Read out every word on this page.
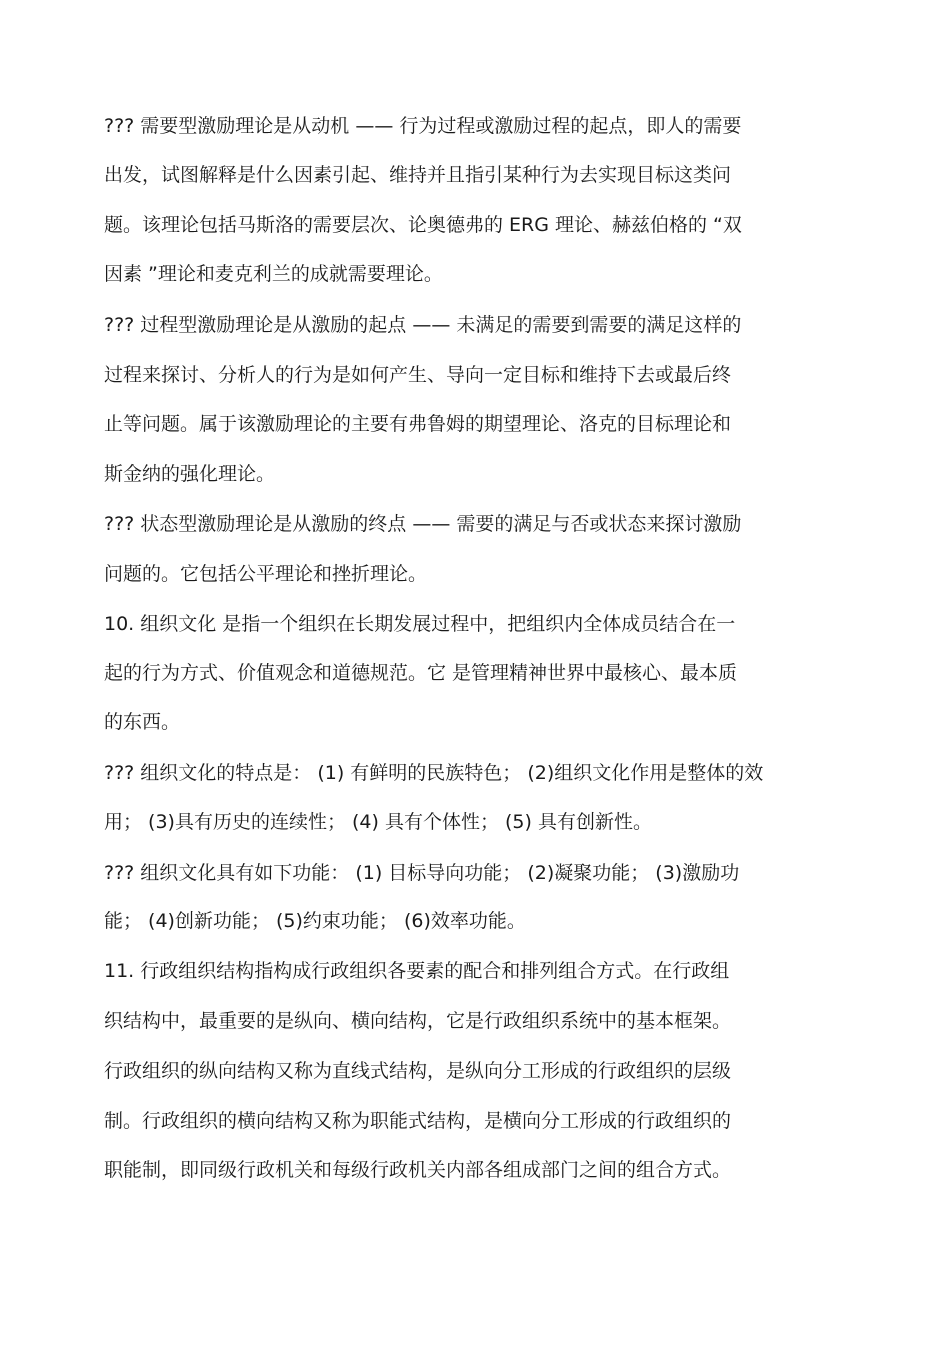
??? 需要型激励理论是从动机 —— 行为过程或激励过程的起点，即人的需要
出发，试图解释是什么因素引起、维持并且指引某种行为去实现目标这类问
题。该理论包括马斯洛的需要层次、论奥德弗的 ERG 理论、赫兹伯格的 “双
因素 ”理论和麦克利兰的成就需要理论。
??? 过程型激励理论是从激励的起点 —— 未满足的需要到需要的满足这样的
过程来探讨、分析人的行为是如何产生、导向一定目标和维持下去或最后终
止等问题。属于该激励理论的主要有弗鲁姆的期望理论、洛克的目标理论和
斯金纳的强化理论。
??? 状态型激励理论是从激励的终点 —— 需要的满足与否或状态来探讨激励
问题的。它包括公平理论和挫折理论。
10. 组织文化 是指一个组织在长期发展过程中，把组织内全体成员结合在一
起的行为方式、价值观念和道德规范。它 是管理精神世界中最核心、最本质
的东西。
??? 组织文化的特点是： (1) 有鲜明的民族特色； (2)组织文化作用是整体的效
用； (3)具有历史的连续性； (4) 具有个体性； (5) 具有创新性。
??? 组织文化具有如下功能： (1) 目标导向功能； (2)凝聚功能； (3)激励功
能； (4)创新功能； (5)约束功能； (6)效率功能。
11. 行政组织结构指构成行政组织各要素的配合和排列组合方式。在行政组
织结构中，最重要的是纵向、横向结构，它是行政组织系统中的基本框架。
行政组织的纵向结构又称为直线式结构，是纵向分工形成的行政组织的层级
制。行政组织的横向结构又称为职能式结构，是横向分工形成的行政组织的
职能制，即同级行政机关和每级行政机关内部各组成部门之间的组合方式。
